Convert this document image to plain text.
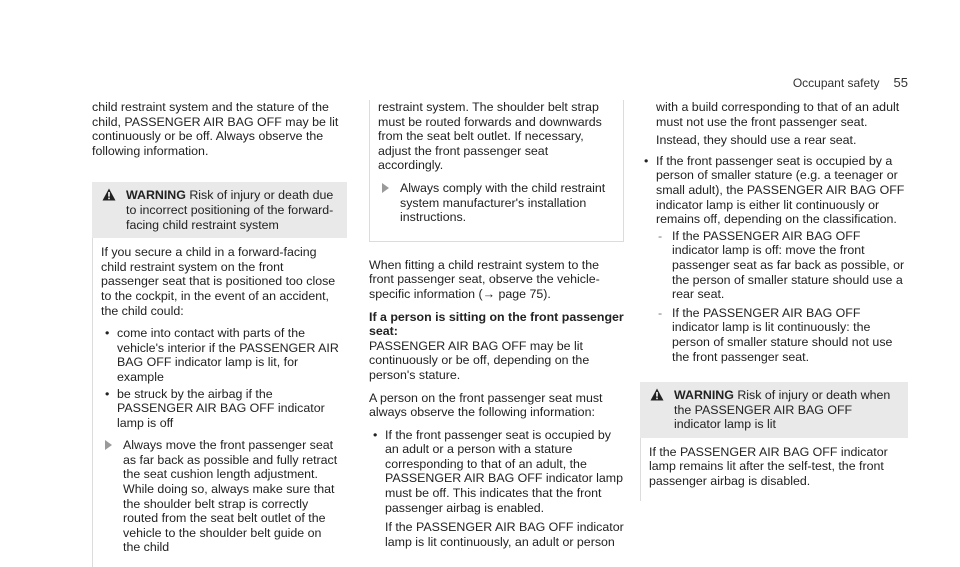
Occupant safety 55

child restraint system and the stature of the child, PASSENGER AIR BAG OFF may be lit continuously or be off. Always observe the following information.

WARNING Risk of injury or death due to incorrect positioning of the forward-facing child restraint system

If you secure a child in a forward-facing child restraint system on the front passenger seat that is positioned too close to the cockpit, in the event of an accident, the child could:

• come into contact with parts of the vehicle's interior if the PASSENGER AIR BAG OFF indicator lamp is lit, for example
• be struck by the airbag if the PASSENGER AIR BAG OFF indicator lamp is off
Always move the front passenger seat as far back as possible and fully retract the seat cushion length adjustment. While doing so, always make sure that the shoulder belt strap is correctly routed from the seat belt outlet of the vehicle to the shoulder belt guide on the child

restraint system. The shoulder belt strap must be routed forwards and downwards from the seat belt outlet. If necessary, adjust the front passenger seat accordingly.

Always comply with the child restraint system manufacturer's installation instructions.

When fitting a child restraint system to the front passenger seat, observe the vehicle-specific information (→ page 75).

If a person is sitting on the front passenger seat:

PASSENGER AIR BAG OFF may be lit continuously or be off, depending on the person's stature.

A person on the front passenger seat must always observe the following information:

• If the front passenger seat is occupied by an adult or a person with a stature corresponding to that of an adult, the PASSENGER AIR BAG OFF indicator lamp must be off. This indicates that the front passenger airbag is enabled.
If the PASSENGER AIR BAG OFF indicator lamp is lit continuously, an adult or person
with a build corresponding to that of an adult must not use the front passenger seat.
Instead, they should use a rear seat.
• If the front passenger seat is occupied by a person of smaller stature (e.g. a teenager or small adult), the PASSENGER AIR BAG OFF indicator lamp is either lit continuously or remains off, depending on the classification.
- If the PASSENGER AIR BAG OFF indicator lamp is off: move the front passenger seat as far back as possible, or the person of smaller stature should use a rear seat.
- If the PASSENGER AIR BAG OFF indicator lamp is lit continuously: the person of smaller stature should not use the front passenger seat.
WARNING Risk of injury or death when the PASSENGER AIR BAG OFF indicator lamp is lit

If the PASSENGER AIR BAG OFF indicator lamp remains lit after the self-test, the front passenger airbag is disabled.
